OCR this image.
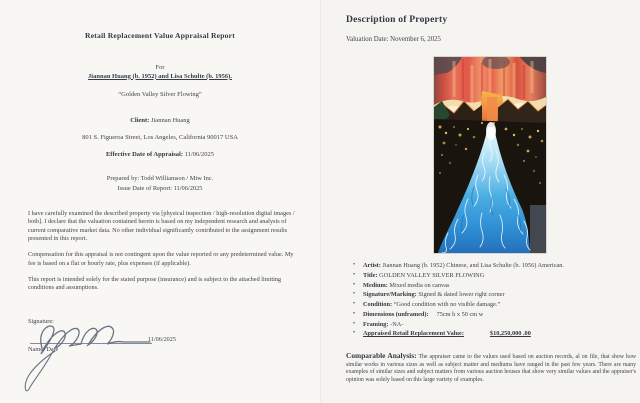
Retail Replacement Value Appraisal Report
For
Jiannan Huang (b. 1952) and Lisa Schulte (b. 1956).
“Golden Valley Silver Flowing”
Client: Jiannan Huang
801 S. Figueroa Street, Los Angeles, California 90017 USA
Effective Date of Appraisal: 11/06/2025
Prepared by: Todd Williamson / Mtw Inc.
Issue Date of Report: 11/06/2025

I have carefully examined the described property via [physical inspection / high-resolution digital images / both]. I declare that the valuation contained herein is based on my independent research and analysis of current comparative market data. No other individual significantly contributed to the assignment results presented in this report.

Compensation for this appraisal is not contingent upon the value reported or any predetermined value. My fee is based on a flat or hourly rate, plus expenses (if applicable).

This report is intended solely for the stated purpose (insurance) and is subject to the attached limiting conditions and assumptions.

Signature:
11/06/2025
Name/ Date
Description of Property
Valuation Date: November 6, 2025
• Artist: Jiannan Huang (b. 1952) Chinese, and Lisa Schulte (b. 1956) American.
• Title: GOLDEN VALLEY SILVER FLOWING
• Medium: Mixed media on canvas
• Signature/Marking: Signed & dated lower right corner
• Condition: “Good condition with no visible damage.”
• Dimensions (unframed): 75cm h x 50 cm w
• Framing: -NA-
• Appraised Retail Replacement Value:	$10,250,000 .00

Comparable Analysis: The appraiser came to the values used based on auction records, al on file, that show how similar works in various sizes as well as subject matter and mediums have ranged in the past few years. There are many examples of similar sizes and subject matters from various auction houses that show very similar values and the appraiser's opinion was solely based on this large variety of examples.
